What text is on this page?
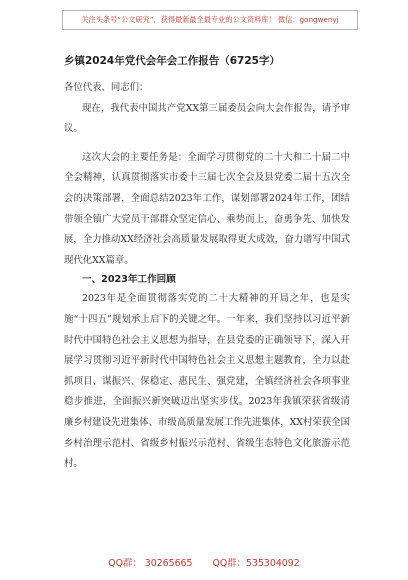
关注头条号“公文研究”，获得最新最全最专业的公文资料库！ 微信：gongwenyj
乡镇2024年党代会年会工作报告（6725字）

各位代表、同志们：

现在，我代表中国共产党XX第三届委员会向大会作报告，请予审议。

这次大会的主要任务是：全面学习贯彻党的二十大和二十届二中全会精神，认真贯彻落实市委十三届七次全会及县党委二届十五次全会的决策部署，全面总结2023年工作，谋划部署2024年工作，团结带领全镇广大党员干部群众坚定信心、乘势而上，奋勇争先、加快发展，全力推动XX经济社会高质量发展取得更大成效，奋力谱写中国式现代化XX篇章。

一、2023年工作回顾

2023年是全面贯彻落实党的二十大精神的开局之年，也是实施“十四五”规划承上启下的关键之年。一年来，我们坚持以习近平新时代中国特色社会主义思想为指导，在县党委的正确领导下，深入开展学习贯彻习近平新时代中国特色社会主义思想主题教育，全力以赴抓项目、谋振兴、保稳定、惠民生、强党建，全镇经济社会各项事业稳步推进，全面振兴新突破迈出坚实步伐。2023年我镇荣获省级清廉乡村建设先进集体、市级高质量发展工作先进集体，XX村荣获全国乡村治理示范村、省级乡村振兴示范村、省级生态特色文化旅游示范村。

QQ群： 30265665 QQ群：535304092
